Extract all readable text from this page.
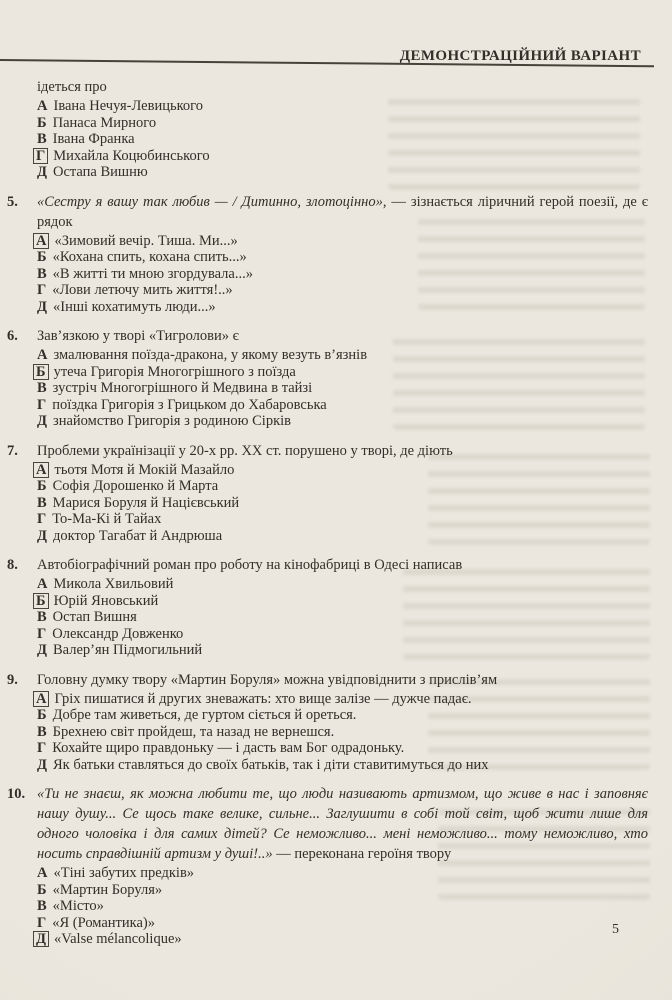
ДЕМОНСТРАЦІЙНИЙ ВАРІАНТ
ідеться про
А Івана Нечуя-Левицького
Б Панаса Мирного
В Івана Франка
Г Михайла Коцюбинського
Д Остапа Вишню
5. «Сестру я вашу так любив — / Дитинно, злотоцінно», — зізнається ліричний герой поезії, де є рядок
А «Зимовий вечір. Тиша. Ми...»
Б «Кохана спить, кохана спить...»
В «В житті ти мною згордувала...»
Г «Лови летючу мить життя!..»
Д «Інші кохатимуть люди...»
6. Зав’язкою у творі «Тигролови» є
А змалювання поїзда-дракона, у якому везуть в’язнів
Б утеча Григорія Многогрішного з поїзда
В зустріч Многогрішного й Медвина в тайзі
Г поїздка Григорія з Грицьком до Хабаровська
Д знайомство Григорія з родиною Сірків
7. Проблеми українізації у 20-х рр. ХХ ст. порушено у творі, де діють
А тьотя Мотя й Мокій Мазайло
Б Софія Дорошенко й Марта
В Марися Боруля й Націєвський
Г То-Ма-Кі й Тайах
Д доктор Тагабат й Андрюша
8. Автобіографічний роман про роботу на кінофабриці в Одесі написав
А Микола Хвильовий
Б Юрій Яновський
В Остап Вишня
Г Олександр Довженко
Д Валер’ян Підмогильний
9. Головну думку твору «Мартин Боруля» можна увідповіднити з прислів’ям
А Гріх пишатися й других зневажать: хто вище залізе — дужче падає.
Б Добре там живеться, де гуртом сіється й ореться.
В Брехнею світ пройдеш, та назад не вернешся.
Г Кохайте щиро правдоньку — і дасть вам Бог одрадоньку.
Д Як батьки ставляться до своїх батьків, так і діти ставитимуться до них
10. «Ти не знаєш, як можна любити те, що люди називають артизмом, що живе в нас і заповняє нашу душу... Се щось таке велике, сильне... Заглушити в собі той світ, щоб жити лише для одного чоловіка і для самих дітей? Се неможливо... мені неможливо... тому неможливо, хто носить справдішній артизм у душі!..» — переконана героїня твору
А «Тіні забутих предків»
Б «Мартин Боруля»
В «Місто»
Г «Я (Романтика)»
Д «Valse mélancolique»
5
